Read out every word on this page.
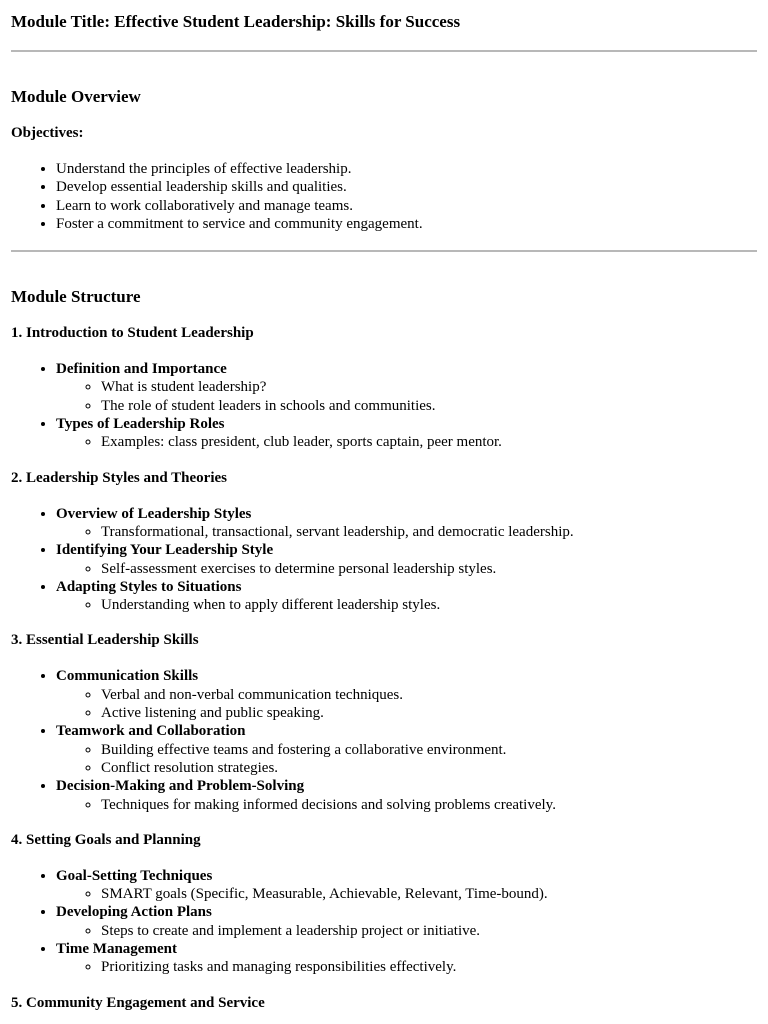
Module Title: Effective Student Leadership: Skills for Success
Module Overview
Objectives:
• Understand the principles of effective leadership.
• Develop essential leadership skills and qualities.
• Learn to work collaboratively and manage teams.
• Foster a commitment to service and community engagement.
Module Structure
1. Introduction to Student Leadership
• Definition and Importance
◦ What is student leadership?
◦ The role of student leaders in schools and communities.
• Types of Leadership Roles
◦ Examples: class president, club leader, sports captain, peer mentor.
2. Leadership Styles and Theories
• Overview of Leadership Styles
◦ Transformational, transactional, servant leadership, and democratic leadership.
• Identifying Your Leadership Style
◦ Self-assessment exercises to determine personal leadership styles.
• Adapting Styles to Situations
◦ Understanding when to apply different leadership styles.
3. Essential Leadership Skills
• Communication Skills
◦ Verbal and non-verbal communication techniques.
◦ Active listening and public speaking.
• Teamwork and Collaboration
◦ Building effective teams and fostering a collaborative environment.
◦ Conflict resolution strategies.
• Decision-Making and Problem-Solving
◦ Techniques for making informed decisions and solving problems creatively.
4. Setting Goals and Planning
• Goal-Setting Techniques
◦ SMART goals (Specific, Measurable, Achievable, Relevant, Time-bound).
• Developing Action Plans
◦ Steps to create and implement a leadership project or initiative.
• Time Management
◦ Prioritizing tasks and managing responsibilities effectively.
5. Community Engagement and Service
